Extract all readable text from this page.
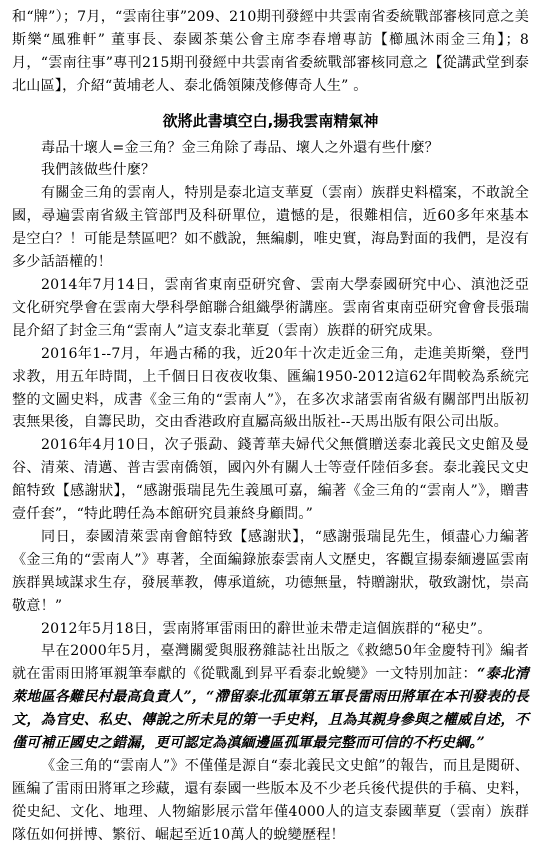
和“牌”）；7月，“雲南往事”209、210期刊發經中共雲南省委統戰部審核同意之美斯樂“風雅軒” 董事長、泰國茶葉公會主席李春增專訪【櫛風沐雨金三角】；8月，“雲南往事”專刊215期刊發經中共雲南省委統戰部審核同意之【從講武堂到泰北山區】，介紹“黃埔老人、泰北僑領陳茂修傳奇人生” 。

欲將此書填空白,揚我雲南精氣神

毒品十壞人=金三角？金三角除了毒品、壞人之外還有些什麼？

我們該做些什麼？

有關金三角的雲南人，特別是泰北這支華夏（雲南）族群史料檔案，不敢說全國，尋遍雲南省級主管部門及科研單位，遺憾的是，很難相信，近60多年來基本是空白？！可能是禁區吧？如不戲說，無編劇，唯史實，海島對面的我們，是沒有多少話語權的！

2014年7月14日，雲南省東南亞研究會、雲南大學泰國研究中心、滇池泛亞文化研究學會在雲南大學科學館聯合組織學術講座。雲南省東南亞研究會會長張瑞昆介紹了封金三角“雲南人”這支泰北華夏（雲南）族群的研究成果。

2016年1--7月，年過古稀的我，近20年十次走近金三角，走進美斯樂，登門求教，用五年時間，上千個日日夜夜收集、匯編1950-2012這62年間較為系統完整的文圖史料，成書《金三角的“雲南人”》，在多次求諸雲南省級有關部門出版初衷無果後，自籌民助，交由香港政府直屬高級出版社--天馬出版有限公司出版。

2016年4月10日，次子張勐、錢菁華夫婦代父無償贈送泰北義民文史館及曼谷、清萊、清邁、普吉雲南僑領，國內外有關人士等壹仟陸佰多套。泰北義民文史館特致【感謝狀】，“感謝張瑞昆先生義風可嘉，編著《金三角的“雲南人”》，贈書壹仟套”，“特此聘任為本館研究員兼終身顧問。”

同日，泰國清萊雲南會館特致【感謝狀】，“感謝張瑞昆先生，傾盡心力編著《金三角的“雲南人”》專著，全面編錄旅泰雲南人文歷史，客觀宣揚泰緬邊區雲南族群異域謀求生存，發展華教，傳承道統，功德無量，特贈謝狀，敬致謝忱，崇高敬意！”

2012年5月18日，雲南將軍雷雨田的辭世並未帶走這個族群的“秘史”。

早在2000年5月，臺灣關愛與服務雜誌社出版之《救總50年金慶特刊》編者就在雷雨田將軍親筆奉獻的《從戰亂到昇平看泰北蛻變》一文特別加註：“泰北清萊地區各難民村最高負責人”，“滯留泰北孤軍第五軍長雷雨田將軍在本刊發表的長文，為官史、私史、傳說之所未見的第一手史料，且為其親身參與之權威自述，不僅可補正國史之錯漏，更可認定為滇緬邊區孤軍最完整而可信的不朽史綱。”

《金三角的“雲南人”》不僅僅是源自“泰北義民文史館”的報告，而且是閱研、匯編了雷雨田將軍之珍藏，還有泰國一些版本及不少老兵後代提供的手稿、史料，從史紀、文化、地理、人物縮影展示當年僅4000人的這支泰國華夏（雲南）族群隊伍如何拼博、繁衍、崛起至近10萬人的蛻變歷程！
